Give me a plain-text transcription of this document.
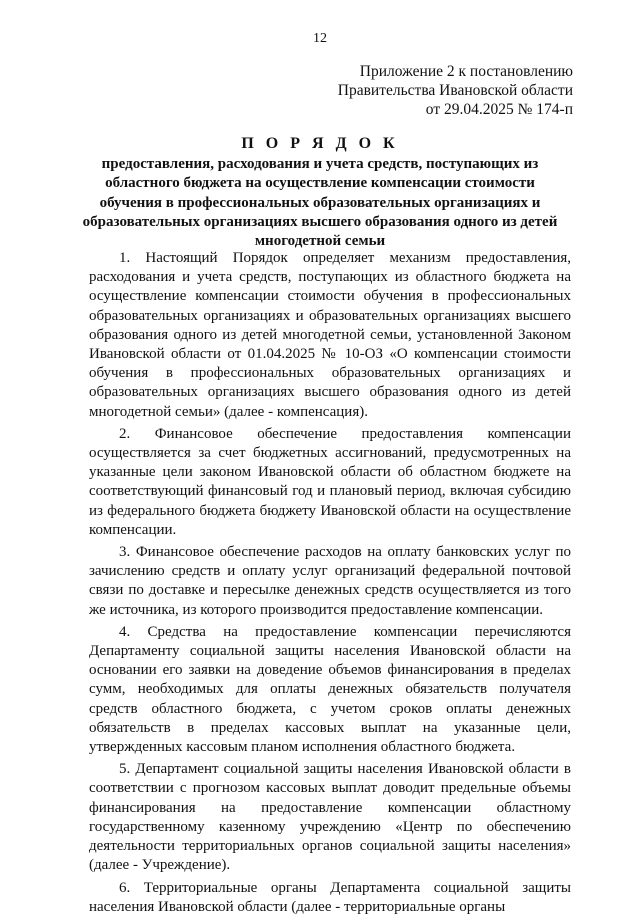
12
Приложение 2 к постановлению
Правительства Ивановской области
от 29.04.2025 № 174-п
П О Р Я Д О К
предоставления, расходования и учета средств, поступающих из областного бюджета на осуществление компенсации стоимости обучения в профессиональных образовательных организациях и образовательных организациях высшего образования одного из детей многодетной семьи

1. Настоящий Порядок определяет механизм предоставления, расходования и учета средств, поступающих из областного бюджета на осуществление компенсации стоимости обучения в профессиональных образовательных организациях и образовательных организациях высшего образования одного из детей многодетной семьи, установленной Законом Ивановской области от 01.04.2025 № 10-ОЗ «О компенсации стоимости обучения в профессиональных образовательных организациях и образовательных организациях высшего образования одного из детей многодетной семьи» (далее - компенсация).

2. Финансовое обеспечение предоставления компенсации осуществляется за счет бюджетных ассигнований, предусмотренных на указанные цели законом Ивановской области об областном бюджете на соответствующий финансовый год и плановый период, включая субсидию из федерального бюджета бюджету Ивановской области на осуществление компенсации.

3. Финансовое обеспечение расходов на оплату банковских услуг по зачислению средств и оплату услуг организаций федеральной почтовой связи по доставке и пересылке денежных средств осуществляется из того же источника, из которого производится предоставление компенсации.

4. Средства на предоставление компенсации перечисляются Департаменту социальной защиты населения Ивановской области на основании его заявки на доведение объемов финансирования в пределах сумм, необходимых для оплаты денежных обязательств получателя средств областного бюджета, с учетом сроков оплаты денежных обязательств в пределах кассовых выплат на указанные цели, утвержденных кассовым планом исполнения областного бюджета.

5. Департамент социальной защиты населения Ивановской области в соответствии с прогнозом кассовых выплат доводит предельные объемы финансирования на предоставление компенсации областному государственному казенному учреждению «Центр по обеспечению деятельности территориальных органов социальной защиты населения» (далее - Учреждение).

6. Территориальные органы Департамента социальной защиты населения Ивановской области (далее - территориальные органы
